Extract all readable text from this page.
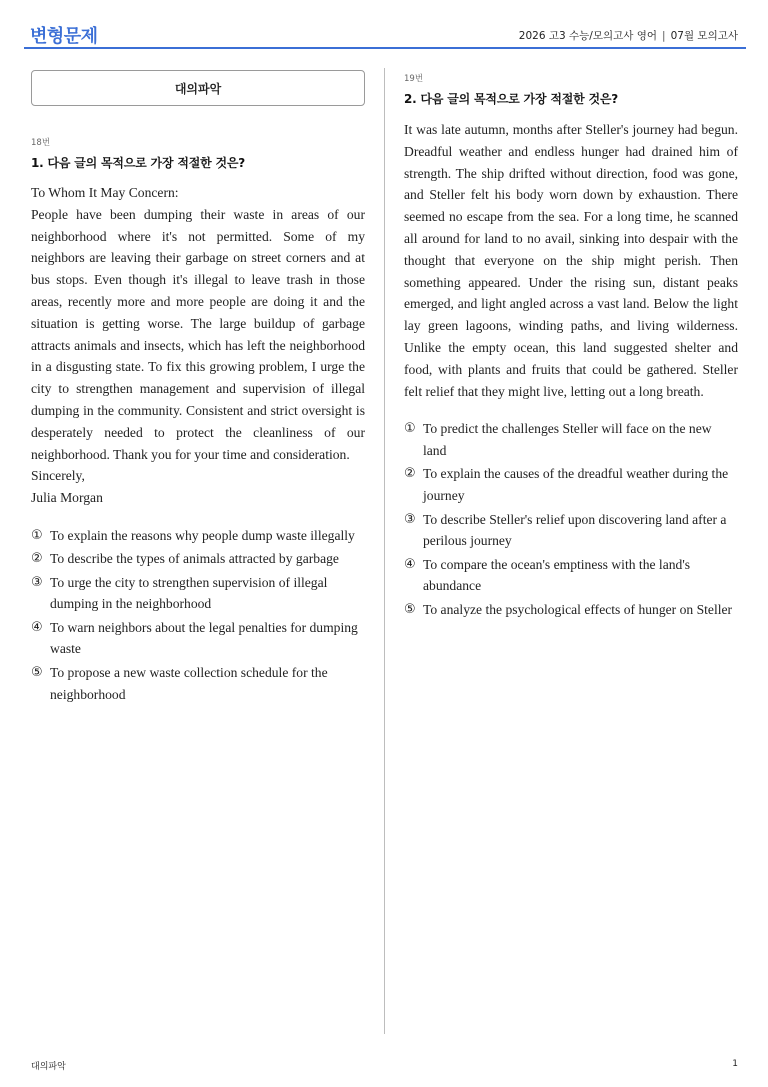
변형문제	2026 고3 수능/모의고사 영어 | 07월 모의고사
대의파악
18번
1. 다음 글의 목적으로 가장 적절한 것은?
To Whom It May Concern:
People have been dumping their waste in areas of our neighborhood where it's not permitted. Some of my neighbors are leaving their garbage on street corners and at bus stops. Even though it's illegal to leave trash in those areas, recently more and more people are doing it and the situation is getting worse. The large buildup of garbage attracts animals and insects, which has left the neighborhood in a disgusting state. To fix this growing problem, I urge the city to strengthen management and supervision of illegal dumping in the community. Consistent and strict oversight is desperately needed to protect the cleanliness of our neighborhood. Thank you for your time and consideration.
Sincerely,
Julia Morgan
① To explain the reasons why people dump waste illegally
② To describe the types of animals attracted by garbage
③ To urge the city to strengthen supervision of illegal dumping in the neighborhood
④ To warn neighbors about the legal penalties for dumping waste
⑤ To propose a new waste collection schedule for the neighborhood
19번
2. 다음 글의 목적으로 가장 적절한 것은?
It was late autumn, months after Steller's journey had begun. Dreadful weather and endless hunger had drained him of strength. The ship drifted without direction, food was gone, and Steller felt his body worn down by exhaustion. There seemed no escape from the sea. For a long time, he scanned all around for land to no avail, sinking into despair with the thought that everyone on the ship might perish. Then something appeared. Under the rising sun, distant peaks emerged, and light angled across a vast land. Below the light lay green lagoons, winding paths, and living wilderness. Unlike the empty ocean, this land suggested shelter and food, with plants and fruits that could be gathered. Steller felt relief that they might live, letting out a long breath.
① To predict the challenges Steller will face on the new land
② To explain the causes of the dreadful weather during the journey
③ To describe Steller's relief upon discovering land after a perilous journey
④ To compare the ocean's emptiness with the land's abundance
⑤ To analyze the psychological effects of hunger on Steller
대의파악	1
